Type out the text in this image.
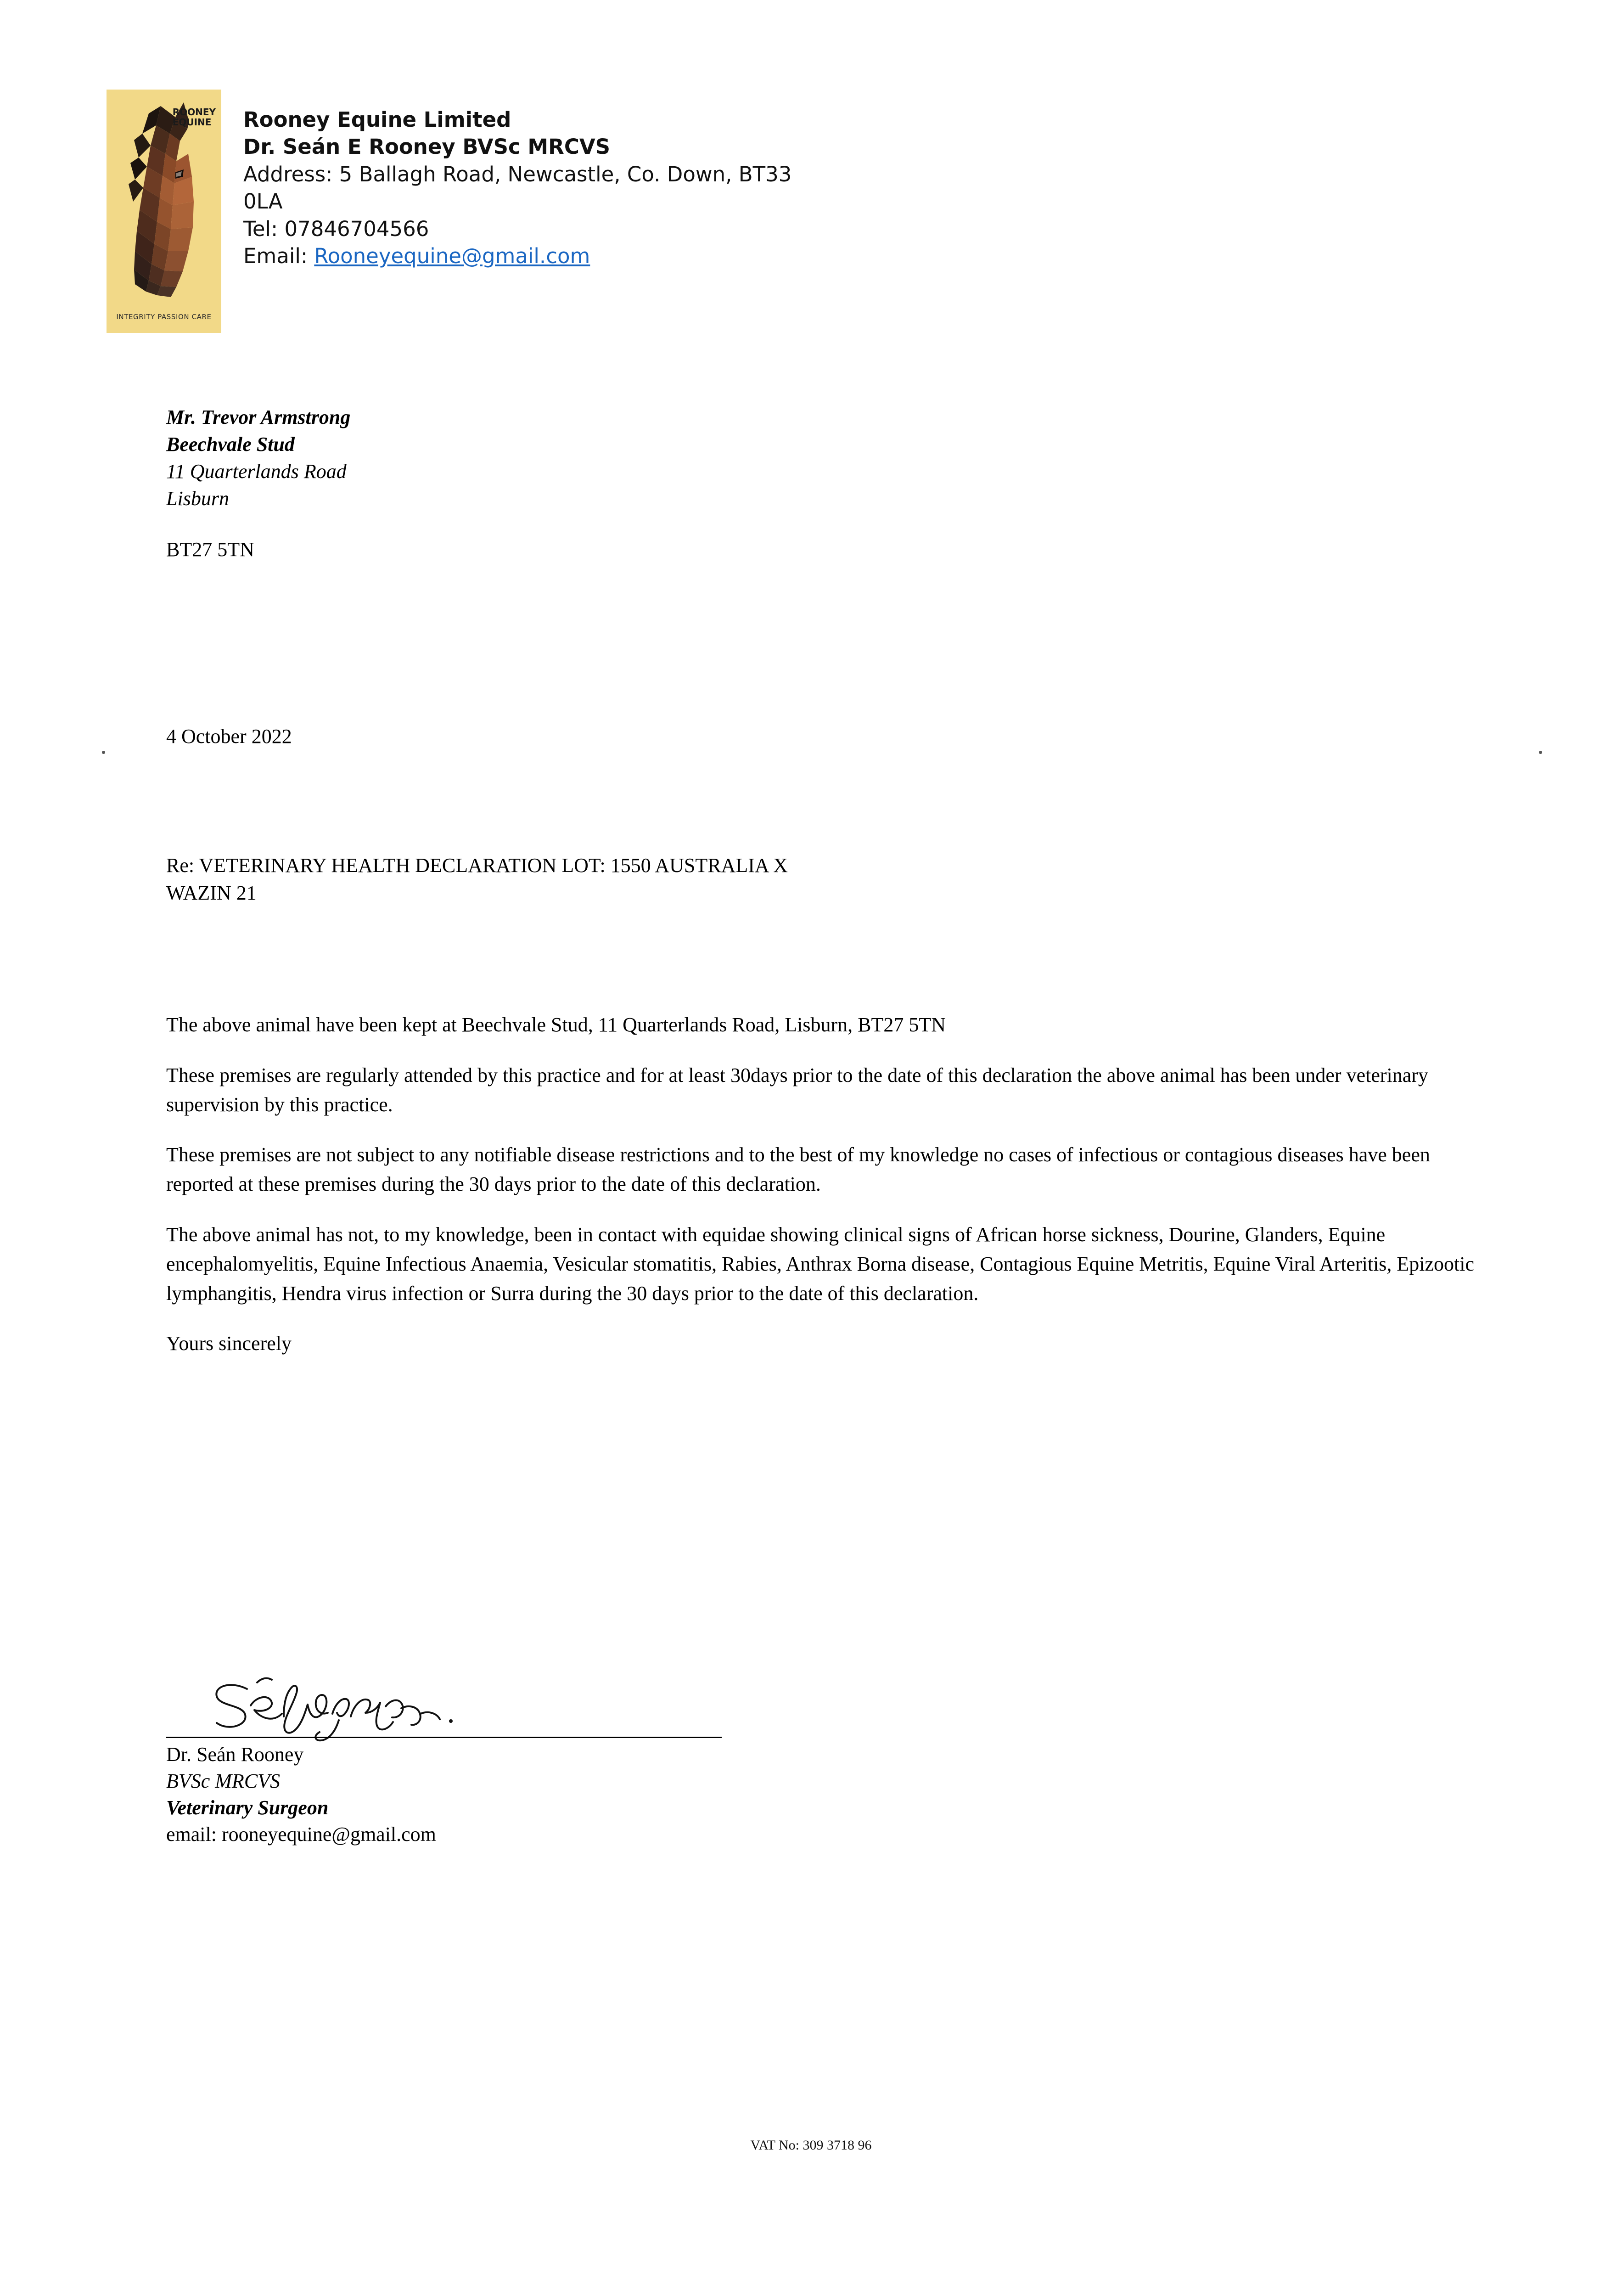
ROONEY
EQUINE
INTEGRITY PASSION CARE
Rooney Equine Limited
Dr. Seán E Rooney BVSc MRCVS
Address: 5 Ballagh Road, Newcastle, Co. Down, BT33
0LA
Tel: 07846704566
Email: Rooneyequine@gmail.com
Mr. Trevor Armstrong
Beechvale Stud
11 Quarterlands Road
Lisburn
BT27 5TN
4 October 2022
Re: VETERINARY HEALTH DECLARATION LOT: 1550 AUSTRALIA X
WAZIN 21

The above animal have been kept at Beechvale Stud, 11 Quarterlands Road, Lisburn, BT27 5TN

These premises are regularly attended by this practice and for at least 30days prior to the date of this declaration the above animal has been under veterinary supervision by this practice.

These premises are not subject to any notifiable disease restrictions and to the best of my knowledge no cases of infectious or contagious diseases have been reported at these premises during the 30 days prior to the date of this declaration.

The above animal has not, to my knowledge, been in contact with equidae showing clinical signs of African horse sickness, Dourine, Glanders, Equine encephalomyelitis, Equine Infectious Anaemia, Vesicular stomatitis, Rabies, Anthrax Borna disease, Contagious Equine Metritis, Equine Viral Arteritis, Epizootic lymphangitis, Hendra virus infection or Surra during the 30 days prior to the date of this declaration.

Yours sincerely

Dr. Seán Rooney
BVSc MRCVS
Veterinary Surgeon
email: rooneyequine@gmail.com
VAT No: 309 3718 96
